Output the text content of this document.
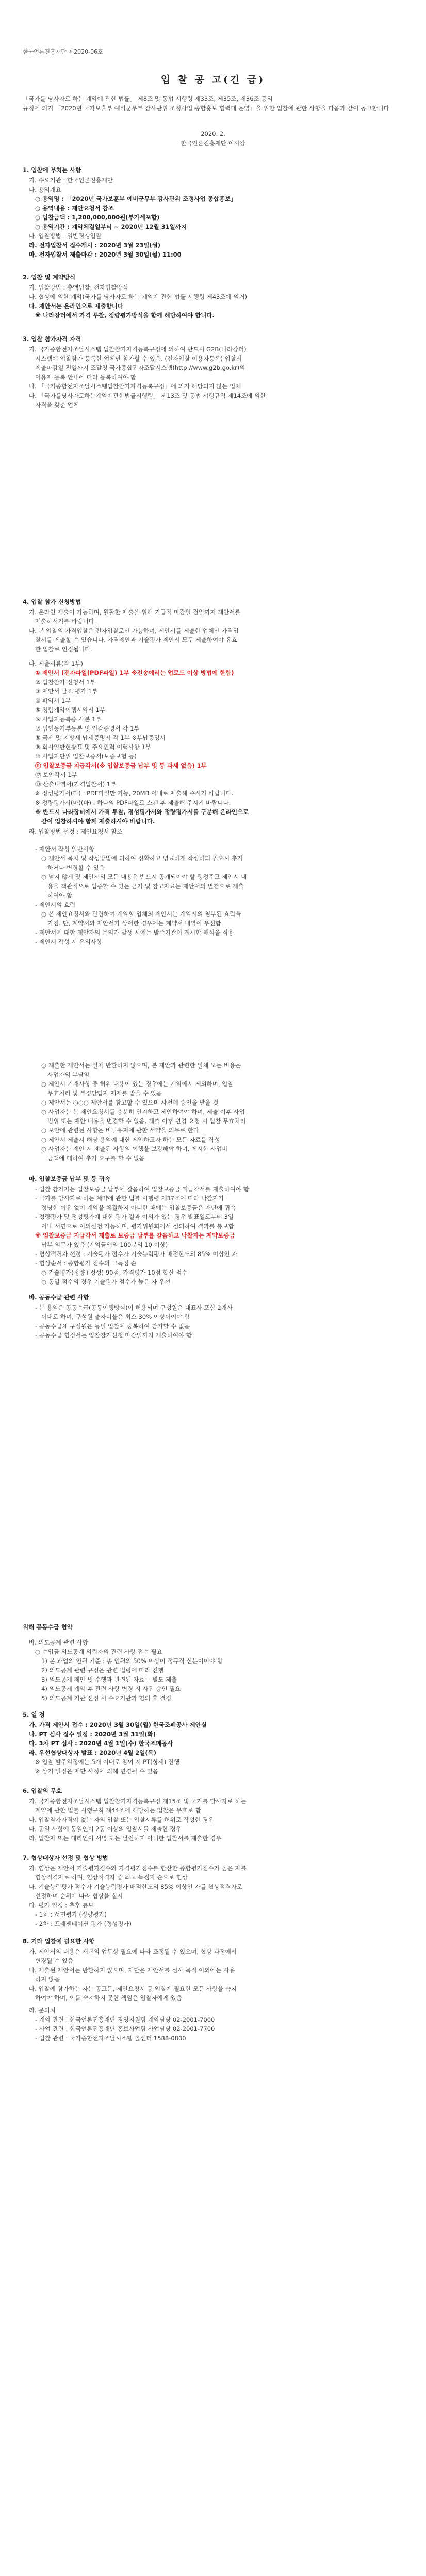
한국언론진흥재단 제2020-06호
입 찰 공 고(긴 급)
「국가를 당사자로 하는 계약에 관한 법률」 제8조 및 동법 시행령 제33조, 제35조, 제36조 등의
규정에 의거 「2020년 국가보훈부 예비군무부 감사관위 조정사업 종합홍보 협력대 운영」을 위한 입찰에 관한 사항을 다음과 같이 공고합니다.
2020. 2.
한국언론진흥재단 이사장
1. 입찰에 부치는 사항
가. 수요기관 : 한국언론진흥재단
나. 용역개요
○ 용역명 : 「2020년 국가보훈부 예비군무부 감사관위 조정사업 종합홍보」
○ 용역내용 : 제안요청서 참조
○ 입찰금액 : 1,200,000,000원(부가세포함)
○ 용역기간 : 계약체결일부터 ~ 2020년 12월 31일까지
다. 입찰방법 : 일반경쟁입찰
라. 전자입찰서 접수개시 : 2020년 3월 23일(월)
마. 전자입찰서 제출마감 : 2020년 3월 30일(월) 11:00
2. 입찰 및 계약방식
가. 입찰방법 : 총액입찰, 전자입찰방식
나. 협상에 의한 계약(국가를 당사자로 하는 계약에 관한 법률 시행령 제43조에 의거)
다. 제안서는 온라인으로 제출합니다
※ 나라장터에서 가격 투찰, 정량평가방식을 함께 해당하여야 합니다.
3. 입찰 참가자격 자격
가. 국가종합전자조달시스템 입찰참가자격등록규정에 의하여 반드시 G2B(나라장터)
시스템에 입찰참가 등록한 업체만 참가할 수 있음. (전자입찰 이용자등록) 입찰서
제출마감일 전일까지 조달청 국가종합전자조달시스템(http://www.g2b.go.kr)의
이용자 등록 안내에 따라 등록하여야 함
나. 「국가종합전자조달시스템입찰참가자격등록규정」에 의거 해당되지 않는 업체
다. 「국가를당사자로하는계약에관한법률시행령」 제13조 및 동법 시행규칙 제14조에 의한
자격을 갖춘 업체
4. 입찰 참가 신청방법
가. 온라인 제출이 가능하며, 원활한 제출을 위해 가급적 마감일 전일까지 제안서를
제출하시기를 바랍니다.
나. 본 입찰의 가격입찰은 전자입찰로만 가능하며, 제안서를 제출한 업체만 가격입
찰서를 제출할 수 있습니다. 가격제안과 기술평가 제안서 모두 제출하여야 유효
한 입찰로 인정됩니다.
다. 제출서류(각 1부)
① 제안서 (전자파일(PDF파일) 1부 ※전송에러는 업로드 이상 방법에 한함)
② 입찰참가 신청서 1부
③ 제안서 발표 평가 1부
④ 확약서 1부
⑤ 청렴계약이행서약서 1부
⑥ 사업자등록증 사본 1부
⑦ 법인등기부등본 및 인감증명서 각 1부
⑧ 국세 및 지방세 납세증명서 각 1부 ※부납증명서
⑨ 회사일반현황표 및 주요인력 이력사항 1부
⑩ 사업자단위 입찰보증서(보증보험 등)
⑪ 입찰보증금 지급각서(※ 입찰보증금 납부 및 등 과세 없음) 1부
⑫ 보안각서 1부
⑬ 산출내역서(가격입찰서) 1부
※ 정성평가서(다) : PDF파일만 가능, 20MB 이내로 제출해 주시기 바랍니다.
※ 정량평가서(마)(바) : 하나의 PDF파일로 스캔 후 제출해 주시기 바랍니다.
※ 반드시 나라장터에서 가격 투찰, 정성평가서와 정량평가서를 구분해 온라인으로
같이 입찰하셔야 함께 제출하셔야 바랍니다.
라. 입찰방법 선정 : 제안요청서 참조
- 제안서 작성 일반사항
○ 제안서 목차 및 작성방법에 의하여 정확하고 명료하게 작성하되 필요시 추가
하거나 변경할 수 있음
○ 넘지 않게 및 제안서의 모든 내용은 반드시 공개되어야 할 행정주고 제안서 내
용을 객관적으로 입증할 수 있는 근거 및 참고자료는 제안서의 별첨으로 제출
하여야 함
- 제안서의 효력
○ 본 제안요청서와 관련하여 계약할 업체의 제안서는 계약서의 첨부된 효력을
가짐. 단, 계약서와 제안서가 상이한 경우에는 계약서 내역이 우선함
- 제안서에 대한 제안자의 문의가 발생 시에는 발주기관이 제시한 해석을 적용
- 제안서 작성 시 유의사항
○ 제출한 제안서는 일체 반환하지 않으며, 본 제안과 관련한 일체 모든 비용은
사업자의 부담임
○ 제안서 기재사항 중 허위 내용이 있는 경우에는 계약에서 제외하며, 입찰
무효처리 및 부정당업자 제재를 받을 수 있음
○ 제안서는 ○○○ 제안서를 참고할 수 있으며 사전에 승인을 받을 것
○ 사업자는 본 제안요청서를 충분히 인지하고 제안하여야 하며, 제출 이후 사업
범위 또는 제안 내용을 변경할 수 없음. 제출 이후 변경 요청 시 입찰 무효처리
○ 보안에 관련된 사항은 비밀유지에 관한 서약을 의무로 한다
○ 제안서 제출시 해당 용역에 대한 제안하고자 하는 모든 자료를 작성
○ 사업자는 제안 시 제출된 사항의 이행을 보장해야 하며, 제시한 사업비
금액에 대하여 추가 요구를 할 수 없음
마. 입찰보증금 납부 및 등 귀속
- 입찰 참가자는 입찰보증금 납부에 갈음하여 입찰보증금 지급각서를 제출하여야 함
- 국가를 당사자로 하는 계약에 관한 법률 시행령 제37조에 따라 낙찰자가
정당한 이유 없이 계약을 체결하지 아니한 때에는 입찰보증금은 재단에 귀속
- 정량평가 및 정성평가에 대한 평가 결과 이의가 있는 경우 발표일로부터 3일
이내 서면으로 이의신청 가능하며, 평가위원회에서 심의하여 결과를 통보함
※ 입찰보증금 지급각서 제출로 보증금 납부를 갈음하고 낙찰자는 계약보증금
납부 의무가 있음 (계약금액의 100분의 10 이상)
- 협상적격자 선정 : 기술평가 점수가 기술능력평가 배점한도의 85% 이상인 자
- 협상순서 : 종합평가 점수의 고득점 순
○ 기술평가(정량+정성) 90점, 가격평가 10점 합산 점수
○ 동일 점수의 경우 기술평가 점수가 높은 자 우선
바. 공동수급 관련 사항
- 본 용역은 공동수급(공동이행방식)이 허용되며 구성원은 대표사 포함 2개사
이내로 하며, 구성원 출자비율은 최소 30% 이상이어야 함
- 공동수급체 구성원은 동일 입찰에 중복하여 참가할 수 없음
- 공동수급 협정서는 입찰참가신청 마감일까지 제출하여야 함
위해 공동수급 협약
바. 의도공계 관련 사항
○ 수입금 의도공계 의뢰자의 관련 사항 접수 필요
1) 본 과업의 인원 기준 : 총 인원의 50% 이상이 정규직 신분이어야 함
2) 의도공계 관련 규정은 관련 법령에 따라 진행
3) 의도공계 제안 및 수행과 관련된 자료는 별도 제출
4) 의도공계 계약 후 관련 사항 변경 시 사전 승인 필요
5) 의도공계 기관 선정 시 수요기관과 협의 후 결정
5. 일 정
가. 가격 제안서 접수 : 2020년 3월 30일(월) 한국조폐공사 제안실
나. PT 심사 접수 일정 : 2020년 3월 31일(화)
다. 3차 PT 심사 : 2020년 4월 1일(수) 한국조폐공사
라. 우선협상대상자 발표 : 2020년 4월 2일(목)
※ 입찰 발주일정에는 5개 이내로 참여 시 PT(상세) 진행
※ 상기 일정은 재단 사정에 의해 변경될 수 있음
6. 입찰의 무효
가. 국가종합전자조달시스템 입찰참가자격등록규정 제15조 및 국가를 당사자로 하는
계약에 관한 법률 시행규칙 제44조에 해당하는 입찰은 무효로 함
나. 입찰참가자격이 없는 자의 입찰 또는 입찰서류를 허위로 작성한 경우
다. 동일 사항에 동일인이 2통 이상의 입찰서를 제출한 경우
라. 입찰자 또는 대리인이 서명 또는 날인하지 아니한 입찰서를 제출한 경우
7. 협상대상자 선정 및 협상 방법
가. 협상은 제안서 기술평가점수와 가격평가점수를 합산한 종합평가점수가 높은 자를
협상적격자로 하며, 협상적격자 중 최고 득점자 순으로 협상
나. 기술능력평가 점수가 기술능력평가 배점한도의 85% 이상인 자를 협상적격자로
선정하며 순위에 따라 협상을 실시
다. 평가 일정 : 추후 통보
- 1차 : 서면평가 (정량평가)
- 2차 : 프레젠테이션 평가 (정성평가)
8. 기타 입찰에 필요한 사항
가. 제안서의 내용은 재단의 업무상 필요에 따라 조정될 수 있으며, 협상 과정에서
변경될 수 있음
나. 제출된 제안서는 반환하지 않으며, 재단은 제안서를 심사 목적 이외에는 사용
하지 않음
다. 입찰에 참가하는 자는 공고문, 제안요청서 등 입찰에 필요한 모든 사항을 숙지
하여야 하며, 이를 숙지하지 못한 책임은 입찰자에게 있음
라. 문의처
- 계약 관련 : 한국언론진흥재단 경영지원팀 계약담당 02-2001-7000
- 사업 관련 : 한국언론진흥재단 홍보사업팀 사업담당 02-2001-7700
- 입찰 관련 : 국가종합전자조달시스템 콜센터 1588-0800
